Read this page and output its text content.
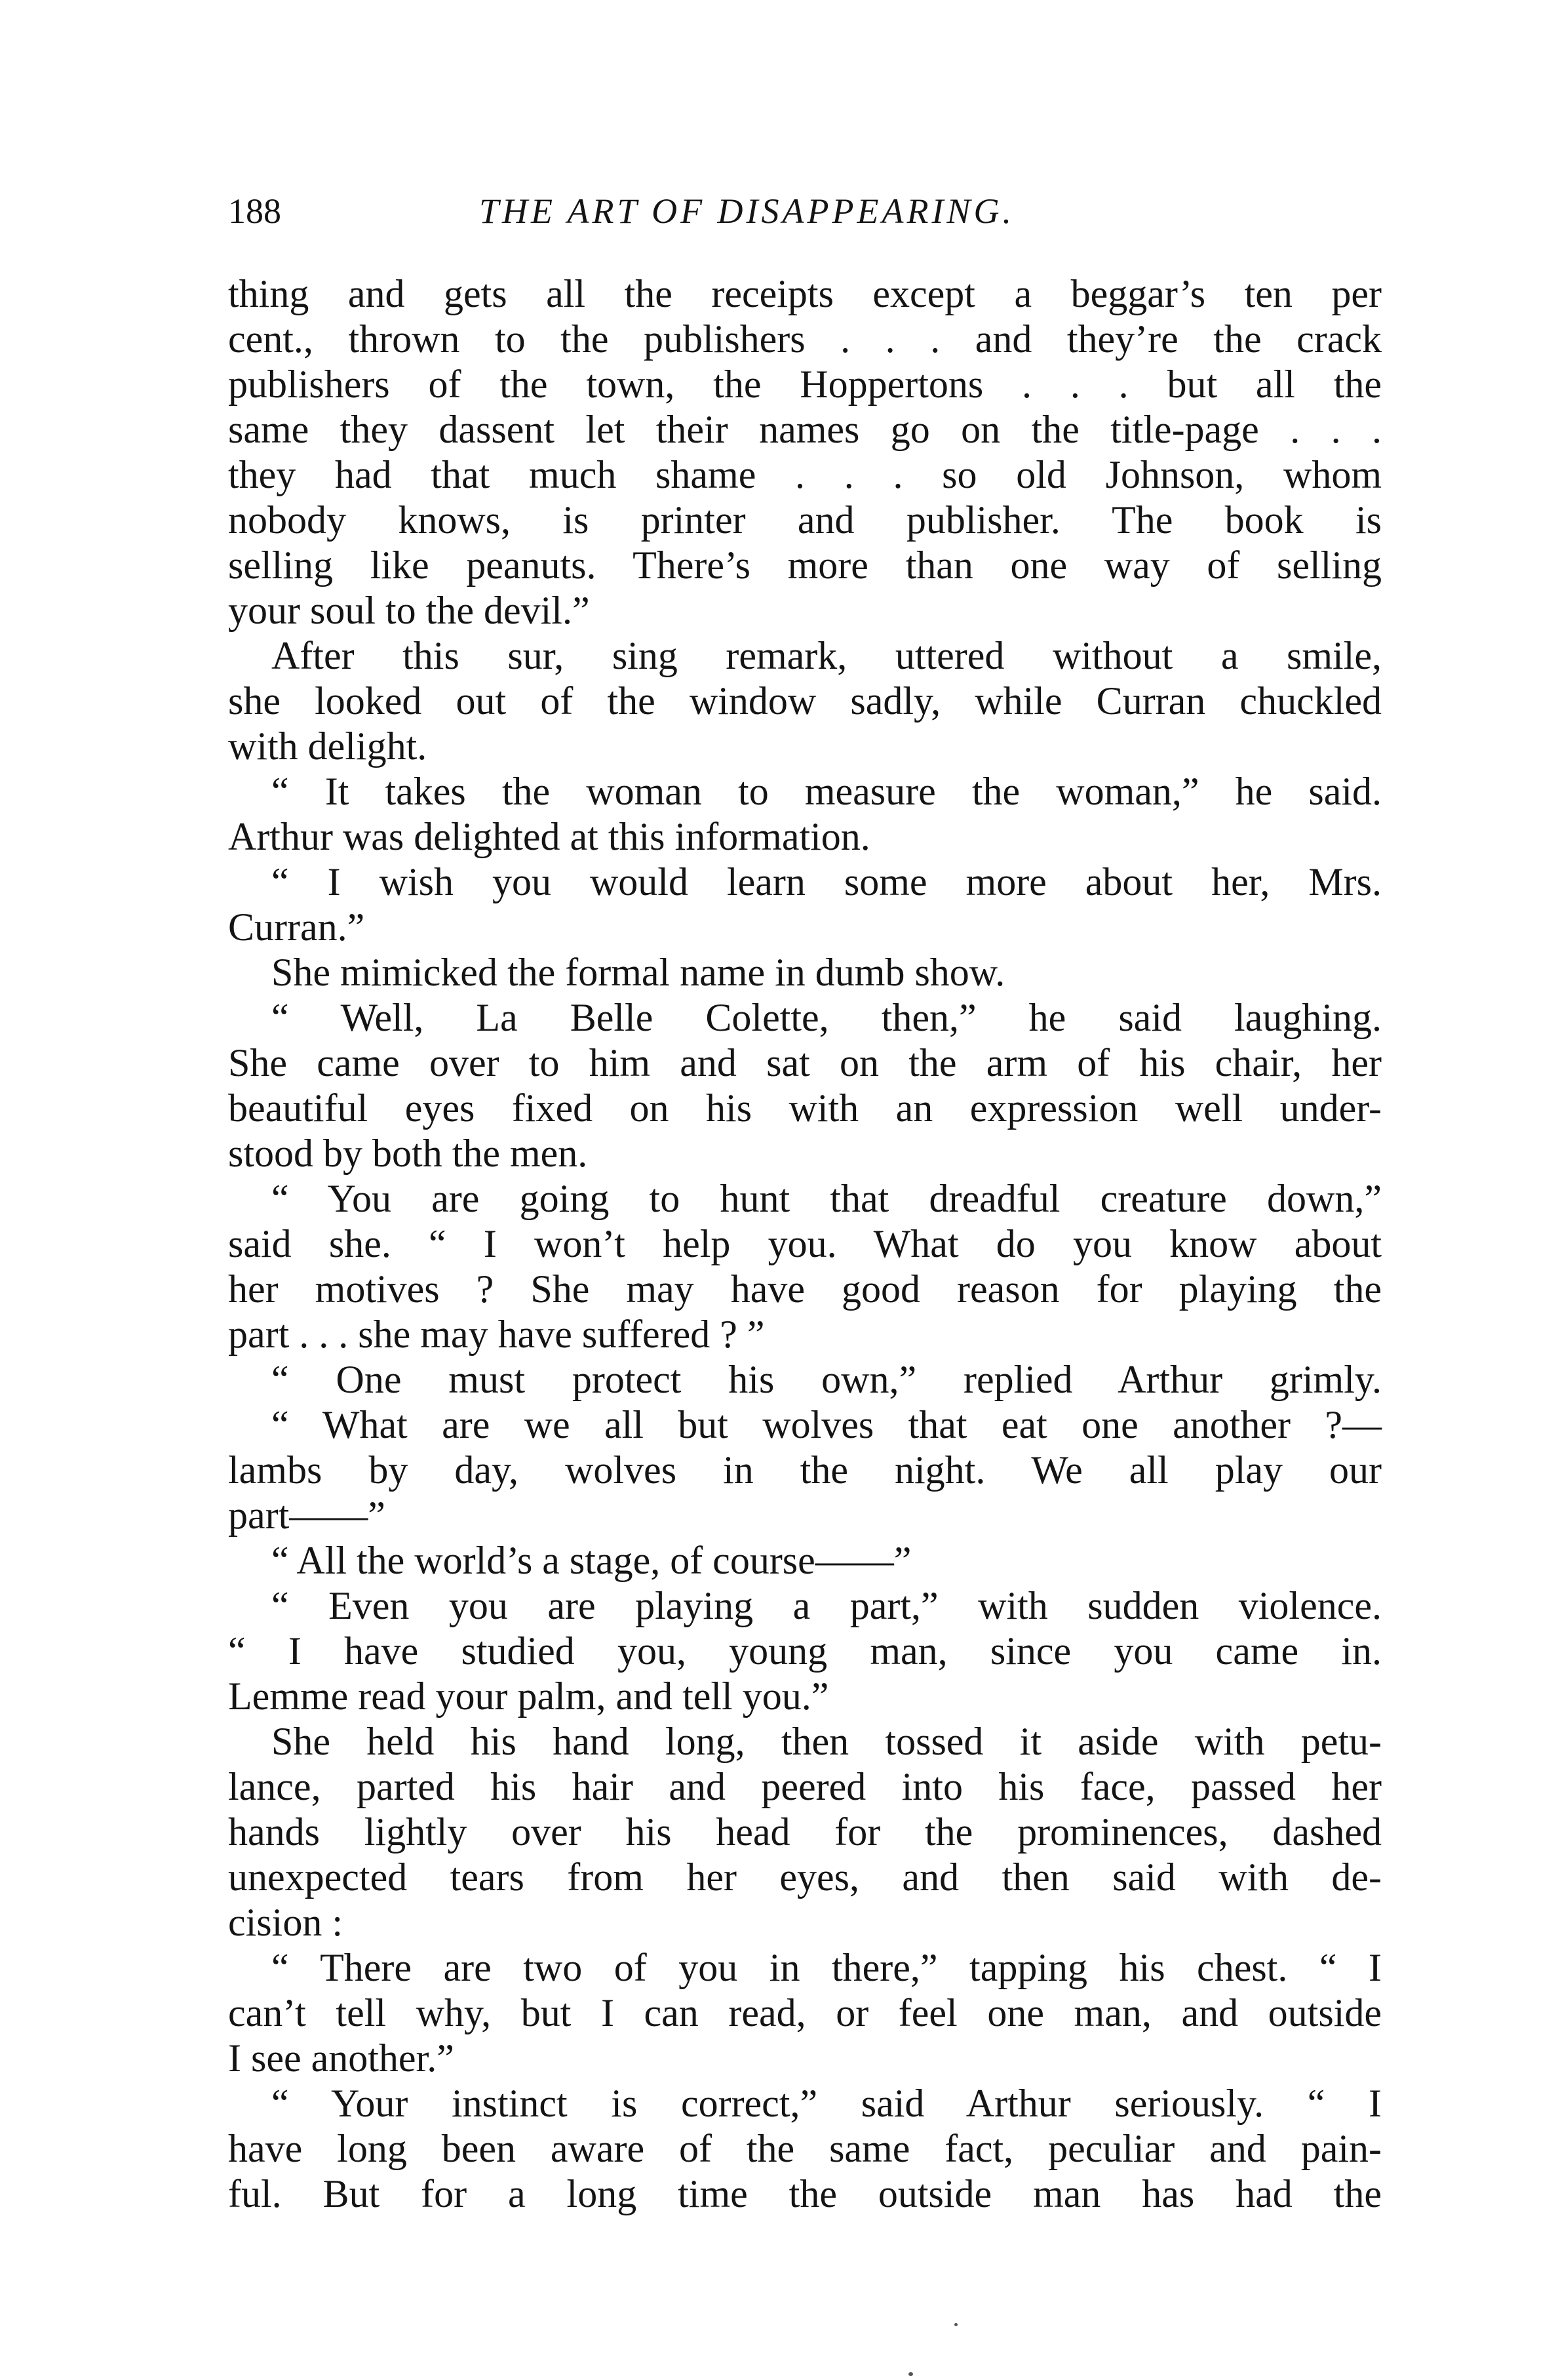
188	THE ART OF DISAPPEARING.
thing and gets all the receipts except a beggar’s ten per
cent., thrown to the publishers . . . and they’re the crack
publishers of the town, the Hoppertons . . . but all the
same they dassent let their names go on the title-page . . .
they had that much shame . . . so old Johnson, whom
nobody knows, is printer and publisher. The book is
selling like peanuts. There’s more than one way of selling
your soul to the devil.”
After this sur, sing remark, uttered without a smile,
she looked out of the window sadly, while Curran chuckled
with delight.
“ It takes the woman to measure the woman,” he said.
Arthur was delighted at this information.
“ I wish you would learn some more about her, Mrs.
Curran.”
She mimicked the formal name in dumb show.
“ Well, La Belle Colette, then,” he said laughing.
She came over to him and sat on the arm of his chair, her
beautiful eyes fixed on his with an expression well under-
stood by both the men.
“ You are going to hunt that dreadful creature down,”
said she. “ I won’t help you. What do you know about
her motives ? She may have good reason for playing the
part . . . she may have suffered ? ”
“ One must protect his own,” replied Arthur grimly.
“ What are we all but wolves that eat one another ?—
lambs by day, wolves in the night. We all play our
part——”
“ All the world’s a stage, of course——”
“ Even you are playing a part,” with sudden violence.
“ I have studied you, young man, since you came in.
Lemme read your palm, and tell you.”
She held his hand long, then tossed it aside with petu-
lance, parted his hair and peered into his face, passed her
hands lightly over his head for the prominences, dashed
unexpected tears from her eyes, and then said with de-
cision :
“ There are two of you in there,” tapping his chest. “ I
can’t tell why, but I can read, or feel one man, and outside
I see another.”
“ Your instinct is correct,” said Arthur seriously. “ I
have long been aware of the same fact, peculiar and pain-
ful. But for a long time the outside man has had the
